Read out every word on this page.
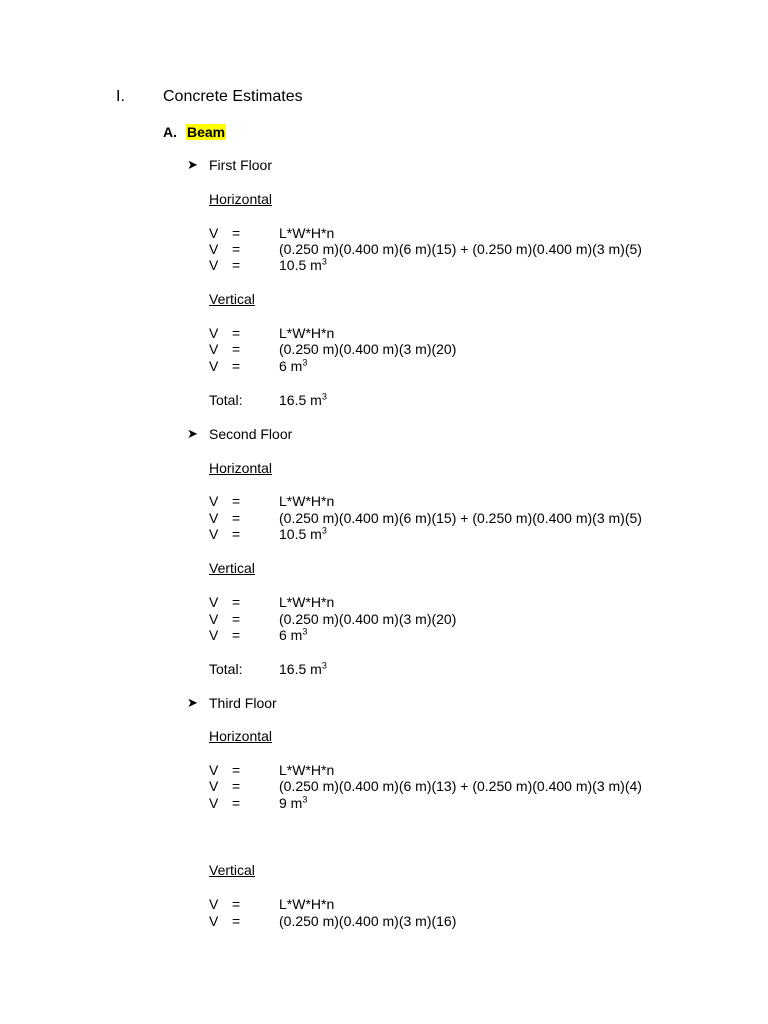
I. Concrete Estimates
A. Beam
➤ First Floor
Horizontal
V =	L*W*H*n
V =	(0.250 m)(0.400 m)(6 m)(15) + (0.250 m)(0.400 m)(3 m)(5)
V =	10.5 $m^3$
Vertical
V =	L*W*H*n
V =	(0.250 m)(0.400 m)(3 m)(20)
V =	6 $m^3$
Total:	16.5 $m^3$
➤ Second Floor
Horizontal
V =	L*W*H*n
V =	(0.250 m)(0.400 m)(6 m)(15) + (0.250 m)(0.400 m)(3 m)(5)
V =	10.5 $m^3$
Vertical
V =	L*W*H*n
V =	(0.250 m)(0.400 m)(3 m)(20)
V =	6 $m^3$
Total:	16.5 $m^3$
➤ Third Floor
Horizontal
V =	L*W*H*n
V =	(0.250 m)(0.400 m)(6 m)(13) + (0.250 m)(0.400 m)(3 m)(4)
V =	9 $m^3$
Vertical
V =	L*W*H*n
V =	(0.250 m)(0.400 m)(3 m)(16)
